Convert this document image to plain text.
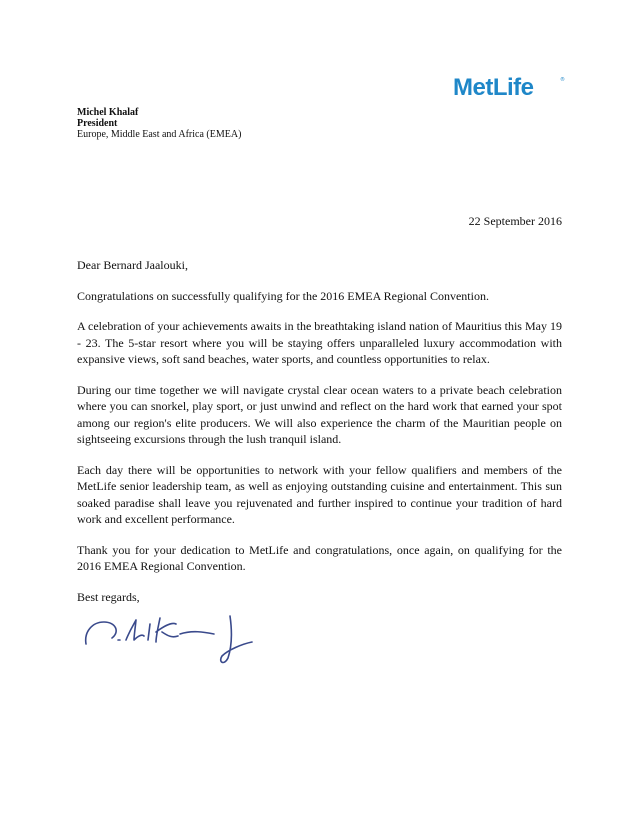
MetLife	®
Michel Khalaf
President
Europe, Middle East and Africa (EMEA)
22 September 2016

Dear Bernard Jaalouki,

Congratulations on successfully qualifying for the 2016 EMEA Regional Convention.

A celebration of your achievements awaits in the breathtaking island nation of Mauritius this May 19 - 23. The 5-star resort where you will be staying offers unparalleled luxury accommodation with expansive views, soft sand beaches, water sports, and countless opportunities to relax.

During our time together we will navigate crystal clear ocean waters to a private beach celebration where you can snorkel, play sport, or just unwind and reflect on the hard work that earned your spot among our region's elite producers. We will also experience the charm of the Mauritian people on sightseeing excursions through the lush tranquil island.

Each day there will be opportunities to network with your fellow qualifiers and members of the MetLife senior leadership team, as well as enjoying outstanding cuisine and entertainment. This sun soaked paradise shall leave you rejuvenated and further inspired to continue your tradition of hard work and excellent performance.

Thank you for your dedication to MetLife and congratulations, once again, on qualifying for the 2016 EMEA Regional Convention.

Best regards,
